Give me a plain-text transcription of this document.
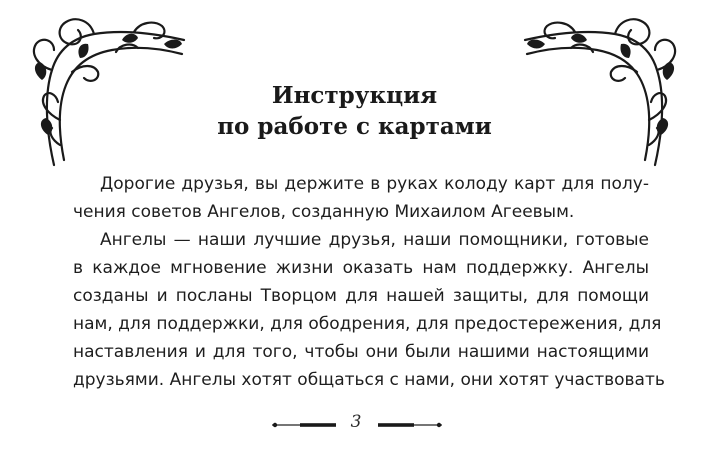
Инструкция
по работе с картами
Дорогие друзья, вы держите в руках колоду карт для полу-
чения советов Ангелов, созданную Михаилом Агеевым.
Ангелы — наши лучшие друзья, наши помощники, готовые
в каждое мгновение жизни оказать нам поддержку. Ангелы
созданы и посланы Творцом для нашей защиты, для помощи
нам, для поддержки, для ободрения, для предостережения, для
наставления и для того, чтобы они были нашими настоящими
друзьями. Ангелы хотят общаться с нами, они хотят участвовать
3
